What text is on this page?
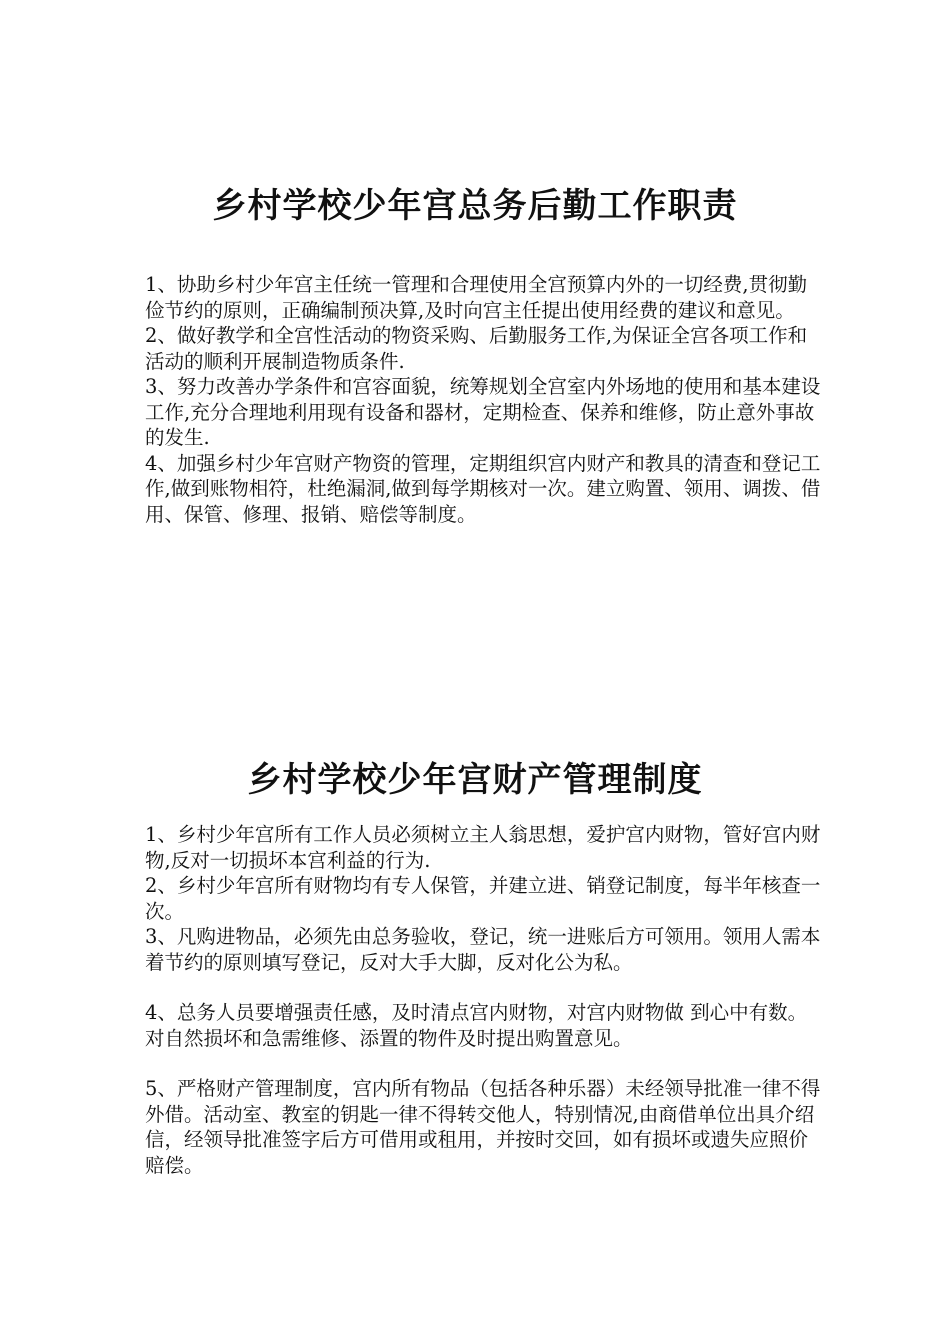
乡村学校少年宫总务后勤工作职责

1、协助乡村少年宫主任统一管理和合理使用全宫预算内外的一切经费,贯彻勤俭节约的原则，正确编制预决算,及时向宫主任提出使用经费的建议和意见。

2、做好教学和全宫性活动的物资采购、后勤服务工作,为保证全宫各项工作和活动的顺利开展制造物质条件.

3、努力改善办学条件和宫容面貌，统筹规划全宫室内外场地的使用和基本建设工作,充分合理地利用现有设备和器材，定期检查、保养和维修，防止意外事故的发生.

4、加强乡村少年宫财产物资的管理，定期组织宫内财产和教具的清查和登记工作,做到账物相符，杜绝漏洞,做到每学期核对一次。建立购置、领用、调拨、借用、保管、修理、报销、赔偿等制度。

乡村学校少年宫财产管理制度

1、乡村少年宫所有工作人员必须树立主人翁思想，爱护宫内财物，管好宫内财物,反对一切损坏本宫利益的行为.

2、乡村少年宫所有财物均有专人保管，并建立进、销登记制度，每半年核查一次。

3、凡购进物品，必须先由总务验收，登记，统一进账后方可领用。领用人需本着节约的原则填写登记，反对大手大脚，反对化公为私。

4、总务人员要增强责任感，及时清点宫内财物，对宫内财物做 到心中有数。对自然损坏和急需维修、添置的物件及时提出购置意见。

5、严格财产管理制度，宫内所有物品（包括各种乐器）未经领导批准一律不得外借。活动室、教室的钥匙一律不得转交他人，特别情况,由商借单位出具介绍信，经领导批准签字后方可借用或租用，并按时交回，如有损坏或遗失应照价赔偿。
